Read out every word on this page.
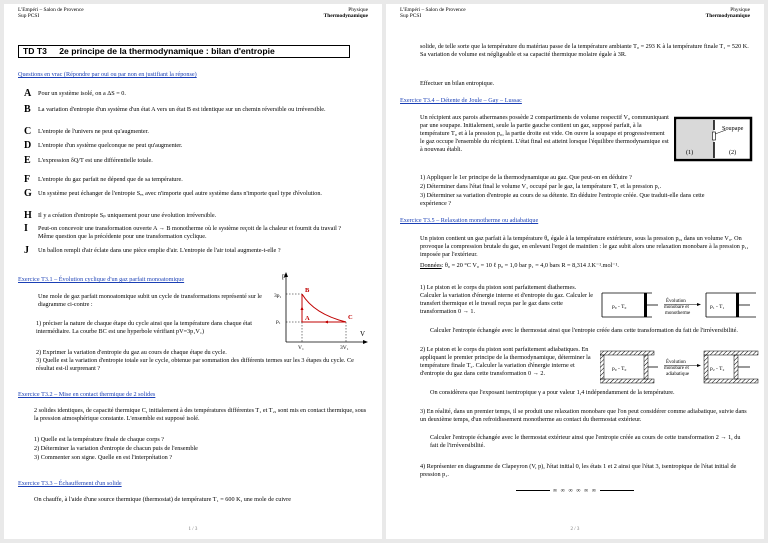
L'Empéri – Salon de Provence
Sup PCSI
Physique
Thermodynamique
TD T3 2e principe de la thermodynamique : bilan d'entropie
Questions en vrac (Répondre par oui ou par non en justifiant la réponse)
A Pour un système isolé, on a ΔS = 0.
B La variation d'entropie d'un système d'un état A vers un état B est identique sur un chemin réversible ou irréversible.
C L'entropie de l'univers ne peut qu'augmenter.
D L'entropie d'un système quelconque ne peut qu'augmenter.
E L'expression δQ/T est une différentielle totale.
F L'entropie du gaz parfait ne dépend que de sa température.
G Un système peut échanger de l'entropie Sₑₓ avec n'importe quel autre système dans n'importe quel type d'évolution.
H Il y a création d'entropie Sₚ uniquement pour une évolution irréversible.
I Peut-on concevoir une transformation ouverte A → B monotherme où le système reçoit de la chaleur et fournit du travail ? Même question que la précédente pour une transformation cyclique.
J Un ballon rempli d'air éclate dans une pièce emplie d'air. L'entropie de l'air total augmente-t-elle ?
Exercice T3.1 – Évolution cyclique d'un gaz parfait monoatomique
Une mole de gaz parfait monoatomique subit un cycle de transformations représenté sur le diagramme ci-contre :
1) préciser la nature de chaque étape du cycle ainsi que la température dans chaque état intermédiaire. La courbe BC est une hyperbole vérifiant pV=3p₁V₁)
2) Exprimer la variation d'entropie du gaz au cours de chaque étape du cycle.
3) Quelle est la variation d'entropie totale sur le cycle, obtenue par sommation des différents termes sur les 3 étapes du cycle. Ce résultat est-il surprenant ?
p
V
3p₁
p₁
V₁	3V₁
A
B
C
Exercice T3.2 – Mise en contact thermique de 2 solides
2 solides identiques, de capacité thermique C, initialement à des températures différentes T₁ et T₂, sont mis en contact thermique, sous la pression atmosphérique constante. L'ensemble est supposé isolé.
1) Quelle est la température finale de chaque corps ?
2) Déterminer la variation d'entropie de chacun puis de l'ensemble
3) Commenter son signe. Quelle en est l'interprétation ?
Exercice T3.3 – Échauffement d'un solide
On chauffe, à l'aide d'une source thermique (thermostat) de température T₁ = 600 K, une mole de cuivre
1 / 3
L'Empéri – Salon de Provence
Sup PCSI
Physique
Thermodynamique
solide, de telle sorte que la température du matériau passe de la température ambiante T₀ = 293 K à la température finale T₁ = 520 K. Sa variation de volume est négligeable et sa capacité thermique molaire égale à 3R.
Effectuer un bilan entropique.
Exercice T3.4 – Détente de Joule – Gay – Lussac
Un récipient aux parois athermanes possède 2 compartiments de volume respectif V₀ communiquant par une soupape. Initialement, seule la partie gauche contient un gaz, supposé parfait, à la température T₀ et à la pression p₀, la partie droite est vide. On ouvre la soupape et progressivement le gaz occupe l'ensemble du récipient. L'état final est atteint lorsque l'équilibre thermodynamique est à nouveau établi.
Soupape
(1)	(2)
1) Appliquer le 1er principe de la thermodynamique au gaz. Que peut-on en déduire ?
2) Déterminer dans l'état final le volume V₁ occupé par le gaz, la température T₁ et la pression p₁.
3) Déterminer sa variation d'entropie au cours de sa détente. En déduire l'entropie créée. Que traduit-elle dans cette expérience ?
Exercice T3.5 – Relaxation monotherme ou adiabatique
Un piston contient un gaz parfait à la température θ₀ égale à la température extérieure, sous la pression p₀, dans un volume V₀. On provoque la compression brutale du gaz, en enlevant l'ergot de maintien : le gaz subit alors une relaxation monobare à la pression p₁, imposée par l'extérieur.
Données: θ₀ = 20 °C V₀ = 10 ℓ p₀ = 1,0 bar p₁ = 4,0 bars R = 8,314 J.K⁻¹.mol⁻¹.
1) Le piston et le corps du piston sont parfaitement diathermes. Calculer la variation d'énergie interne et d'entropie du gaz. Calculer le transfert thermique et le travail reçus par le gaz dans cette transformation 0 → 1.
Calculer l'entropie échangée avec le thermostat ainsi que l'entropie créée dans cette transformation du fait de l'irréversibilité.
p₀ - T₀
Évolution
monobare et
monotherme
p₁ - T₁
2) Le piston et le corps du piston sont parfaitement adiabatiques. En appliquant le premier principe de la thermodynamique, déterminer la température finale T₂. Calculer la variation d'énergie interne et d'entropie du gaz dans cette transformation 0 → 2.
On considèrera que l'exposant isentropique γ a pour valeur 1,4 indépendamment de la température.
p₀ - T₀
Évolution
monobare et
adiabatique
p₂ - T₂
3) En réalité, dans un premier temps, il se produit une relaxation monobare que l'on peut considérer comme adiabatique, suivie dans un deuxième temps, d'un refroidissement monotherme au contact du thermostat extérieur.
Calculer l'entropie échangée avec le thermostat extérieur ainsi que l'entropie créée au cours de cette transformation 2 → 1, du fait de l'irréversibilité.
4) Représenter en diagramme de Clapeyron (V, p), l'état initial 0, les états 1 et 2 ainsi que l'état 3, isentropique de l'état initial de pression p₁.
∞ ∞ ∞ ∞ ∞ ∞
2 / 3
